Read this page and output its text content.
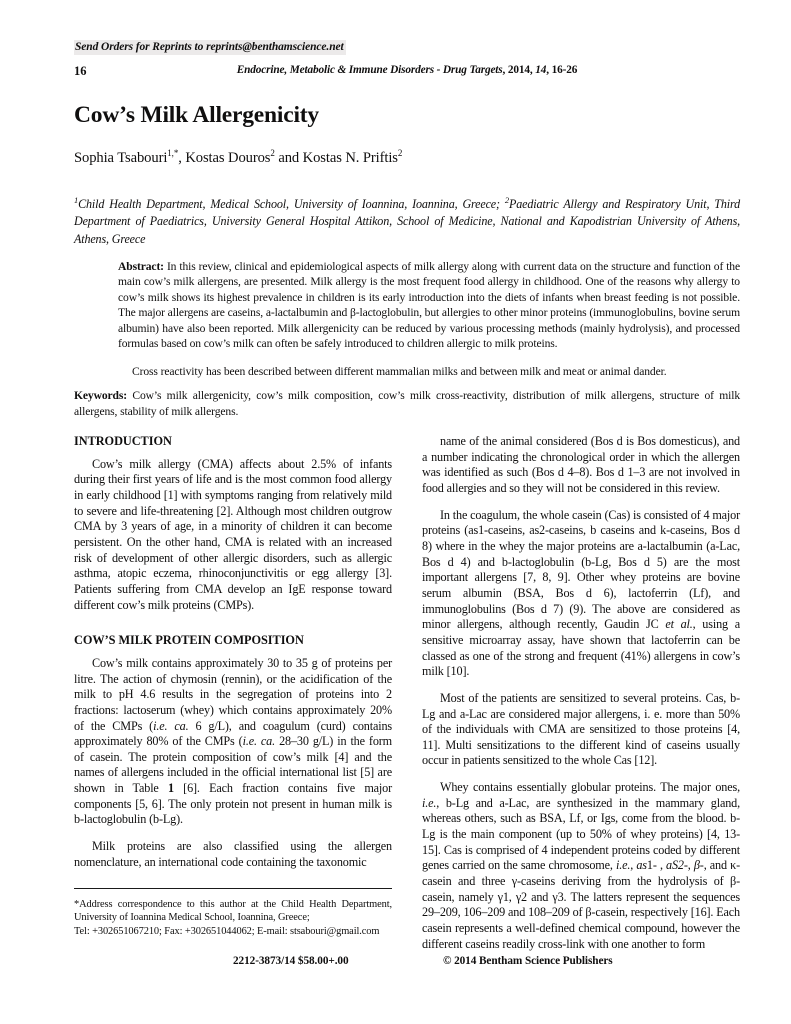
Send Orders for Reprints to reprints@benthamscience.net
16	Endocrine, Metabolic & Immune Disorders - Drug Targets, 2014, 14, 16-26
Cow’s Milk Allergenicity
Sophia Tsabouri$^{1,*}$, Kostas Douros$^2$ and Kostas N. Priftis$^2$
$^1$Child Health Department, Medical School, University of Ioannina, Ioannina, Greece; $^2$Paediatric Allergy and Respiratory Unit, Third Department of Paediatrics, University General Hospital Attikon, School of Medicine, National and Kapodistrian University of Athens, Athens, Greece
Abstract: In this review, clinical and epidemiological aspects of milk allergy along with current data on the structure and function of the main cow’s milk allergens, are presented. Milk allergy is the most frequent food allergy in childhood. One of the reasons why allergy to cow’s milk shows its highest prevalence in children is its early introduction into the diets of infants when breast feeding is not possible. The major allergens are caseins, a-lactalbumin and β-lactoglobulin, but allergies to other minor proteins (immunoglobulins, bovine serum albumin) have also been reported. Milk allergenicity can be reduced by various processing methods (mainly hydrolysis), and processed formulas based on cow’s milk can often be safely introduced to children allergic to milk proteins.
Cross reactivity has been described between different mammalian milks and between milk and meat or animal dander.
Keywords: Cow’s milk allergenicity, cow’s milk composition, cow’s milk cross-reactivity, distribution of milk allergens, structure of milk allergens, stability of milk allergens.
INTRODUCTION

Cow’s milk allergy (CMA) affects about 2.5% of infants during their first years of life and is the most common food allergy in early childhood [1] with symptoms ranging from relatively mild to severe and life-threatening [2]. Although most children outgrow CMA by 3 years of age, in a minority of children it can become persistent. On the other hand, CMA is related with an increased risk of development of other allergic disorders, such as allergic asthma, atopic eczema, rhinoconjunctivitis or egg allergy [3]. Patients suffering from CMA develop an IgE response toward different cow’s milk proteins (CMPs).

COW’S MILK PROTEIN COMPOSITION

Cow’s milk contains approximately 30 to 35 g of proteins per litre. The action of chymosin (rennin), or the acidification of the milk to pH 4.6 results in the segregation of proteins into 2 fractions: lactoserum (whey) which contains approximately 20% of the CMPs (i.e. ca. 6 g/L), and coagulum (curd) contains approximately 80% of the CMPs (i.e. ca. 28–30 g/L) in the form of casein. The protein composition of cow’s milk [4] and the names of allergens included in the official international list [5] are shown in Table 1 [6]. Each fraction contains five major components [5, 6]. The only protein not present in human milk is b-lactoglobulin (b-Lg).

Milk proteins are also classified using the allergen nomenclature, an international code containing the taxonomic

name of the animal considered (Bos d is Bos domesticus), and a number indicating the chronological order in which the allergen was identified as such (Bos d 4–8). Bos d 1–3 are not involved in food allergies and so they will not be considered in this review.

In the coagulum, the whole casein (Cas) is consisted of 4 major proteins (as1-caseins, as2-caseins, b caseins and k-caseins, Bos d 8) where in the whey the major proteins are a-lactalbumin (a-Lac, Bos d 4) and b-lactoglobulin (b-Lg, Bos d 5) are the most important allergens [7, 8, 9]. Other whey proteins are bovine serum albumin (BSA, Bos d 6), lactoferrin (Lf), and immunoglobulins (Bos d 7) (9). The above are considered as minor allergens, although recently, Gaudin JC et al., using a sensitive microarray assay, have shown that lactoferrin can be classed as one of the strong and frequent (41%) allergens in cow’s milk [10].

Most of the patients are sensitized to several proteins. Cas, b-Lg and a-Lac are considered major allergens, i. e. more than 50% of the individuals with CMA are sensitized to those proteins [4, 11]. Multi sensitizations to the different kind of caseins usually occur in patients sensitized to the whole Cas [12].

Whey contains essentially globular proteins. The major ones, i.e., b-Lg and a-Lac, are synthesized in the mammary gland, whereas others, such as BSA, Lf, or Igs, come from the blood. b-Lg is the main component (up to 50% of whey proteins) [4, 13-15]. Cas is comprised of 4 independent proteins coded by different genes carried on the same chromosome, i.e., as1- , aS2-, β-, and κ-casein and three γ-caseins deriving from the hydrolysis of β-casein, namely γ1, γ2 and γ3. The latters represent the sequences 29–209, 106–209 and 108–209 of β-casein, respectively [16]. Each casein represents a well-defined chemical compound, however the different caseins readily cross-link with one another to form

*Address correspondence to this author at the Child Health Department, University of Ioannina Medical School, Ioannina, Greece;
Tel: +302651067210; Fax: +302651044062; E-mail: stsabouri@gmail.com
2212-3873/14 $58.00+.00	© 2014 Bentham Science Publishers
